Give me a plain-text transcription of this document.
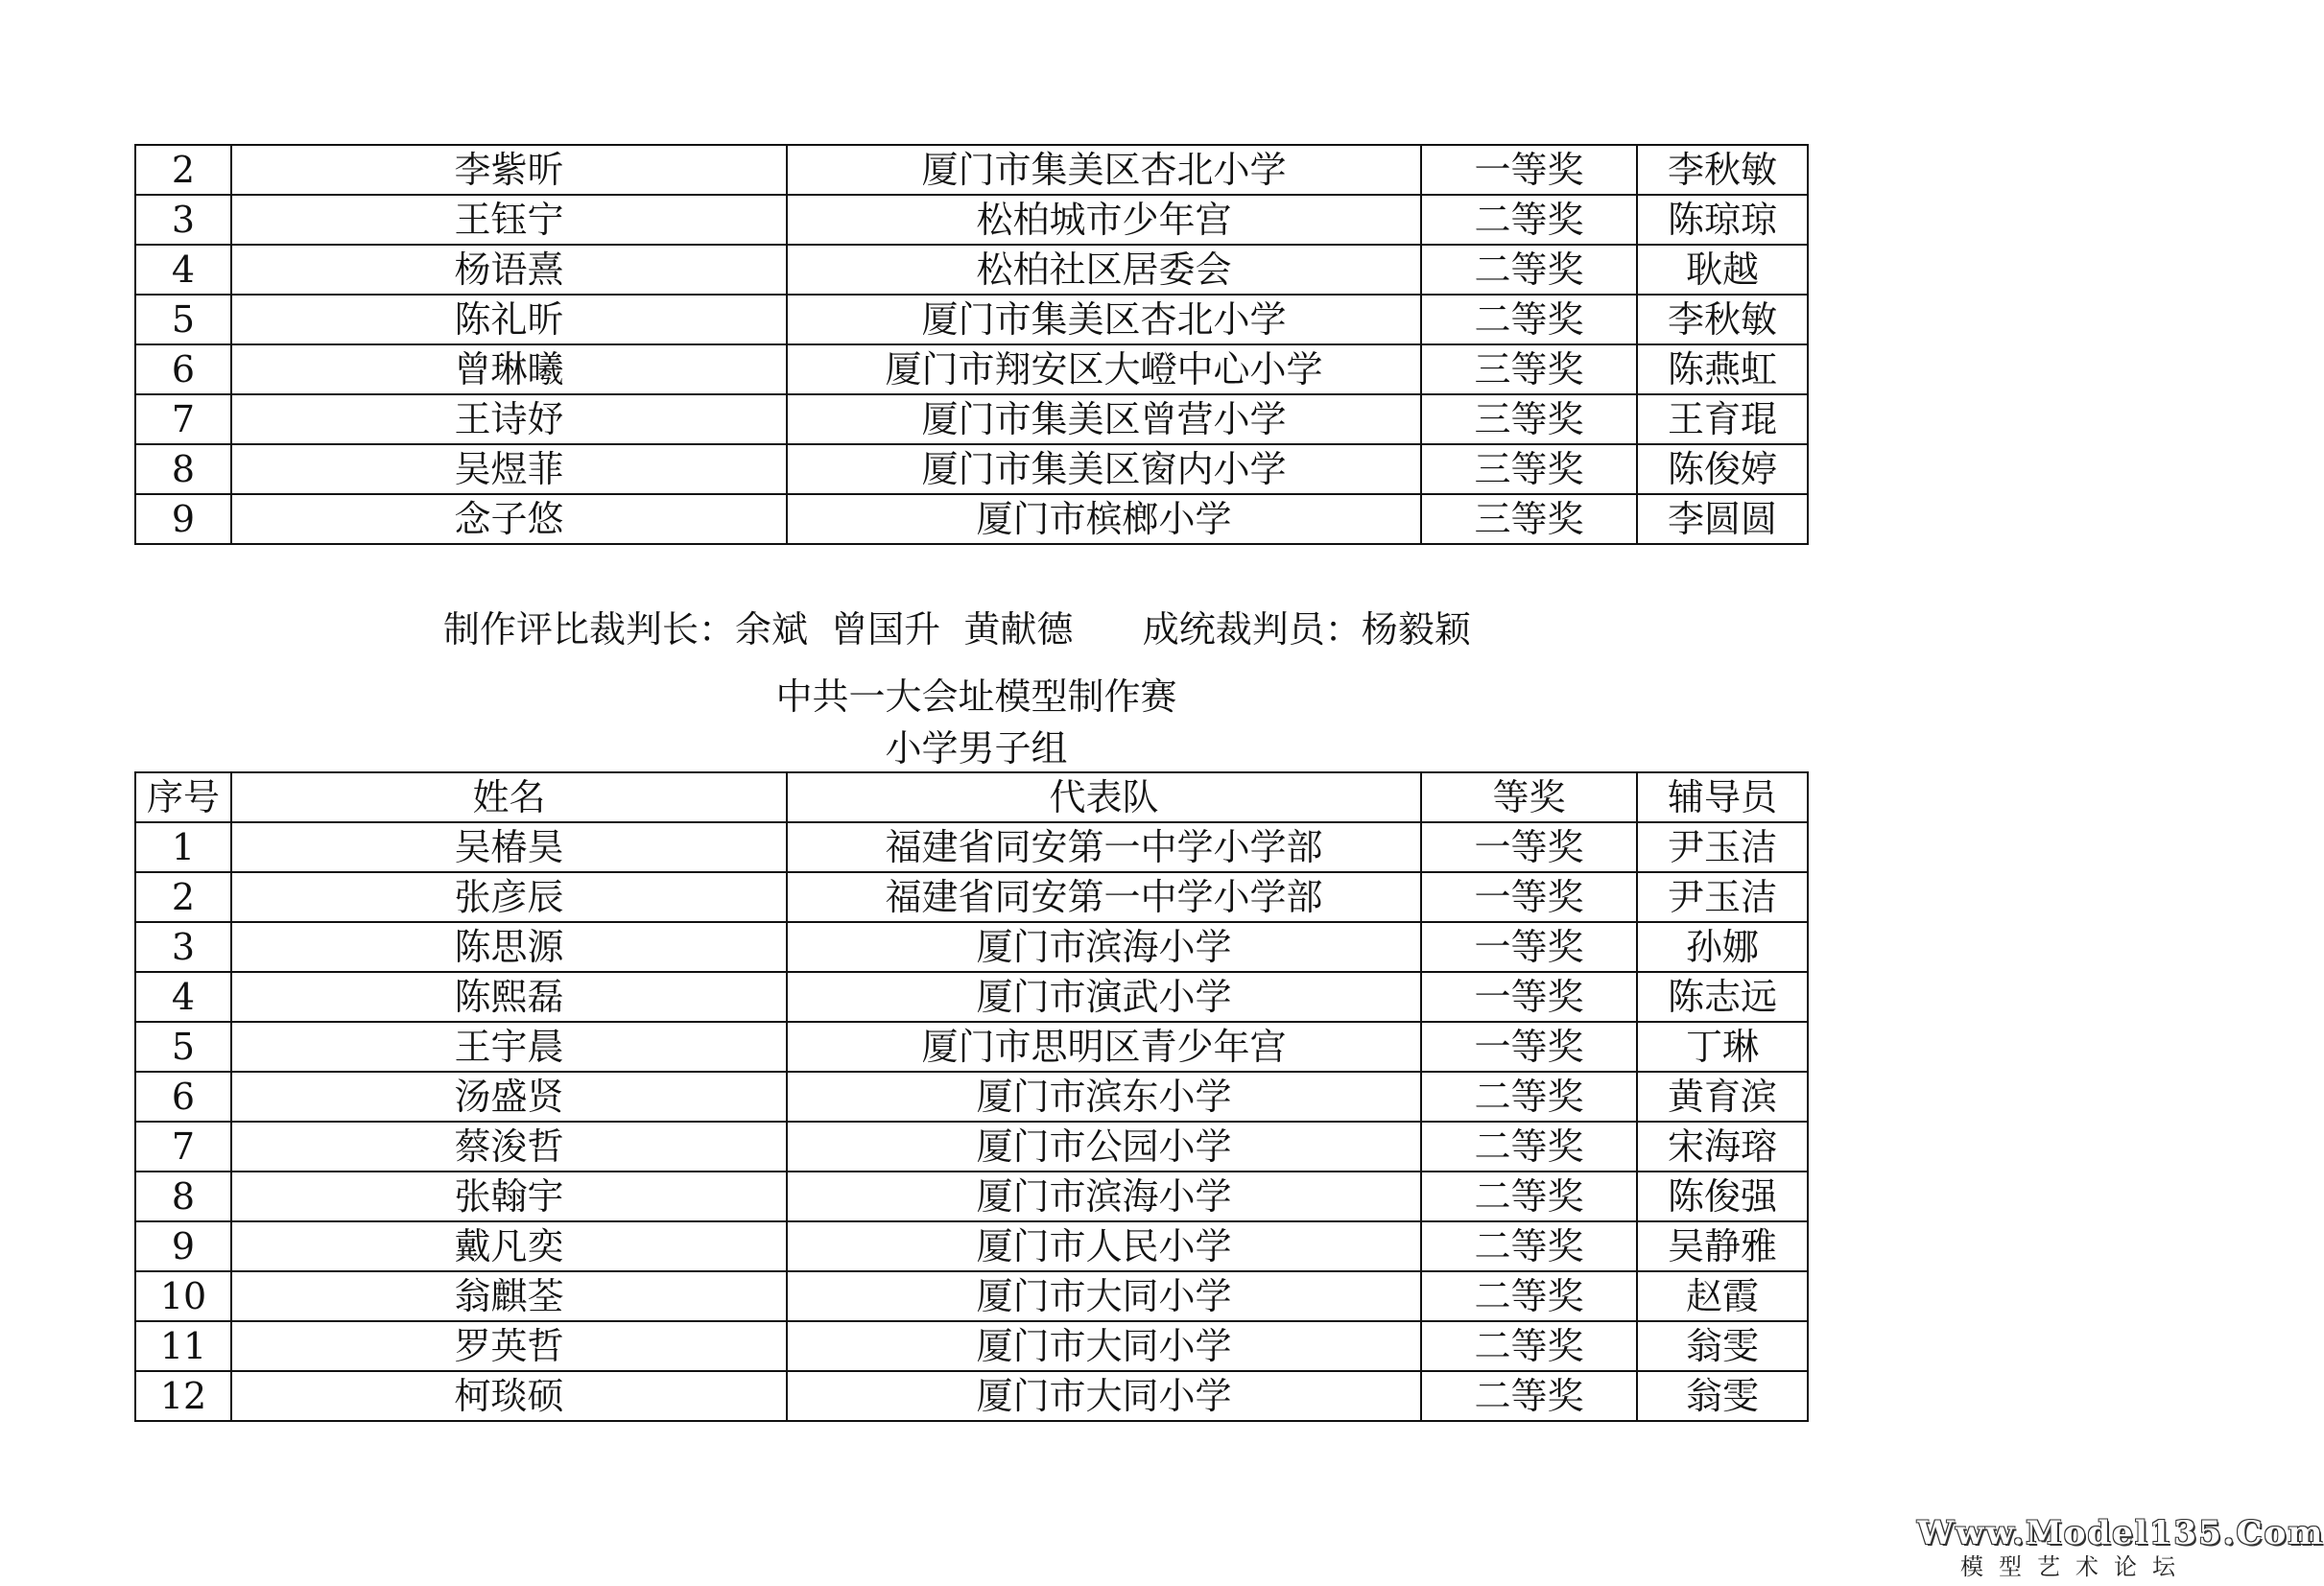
2	李紫昕	厦门市集美区杏北小学	一等奖	李秋敏
3	王钰宁	松柏城市少年宫	二等奖	陈琼琼
4	杨语熹	松柏社区居委会	二等奖	耿越
5	陈礼昕	厦门市集美区杏北小学	二等奖	李秋敏
6	曾琳曦	厦门市翔安区大嶝中心小学	三等奖	陈燕虹
7	王诗妤	厦门市集美区曾营小学	三等奖	王育琨
8	吴煜菲	厦门市集美区窗内小学	三等奖	陈俊婷
9	念子悠	厦门市槟榔小学	三等奖	李圆圆

制作评比裁判长：余斌  曾国升  黄献德      成统裁判员：杨毅颖

中共一大会址模型制作赛
小学男子组
序号	姓名	代表队	等奖	辅导员
1	吴椿昊	福建省同安第一中学小学部	一等奖	尹玉洁
2	张彦辰	福建省同安第一中学小学部	一等奖	尹玉洁
3	陈思源	厦门市滨海小学	一等奖	孙娜
4	陈熙磊	厦门市演武小学	一等奖	陈志远
5	王宇晨	厦门市思明区青少年宫	一等奖	丁琳
6	汤盛贤	厦门市滨东小学	二等奖	黄育滨
7	蔡浚哲	厦门市公园小学	二等奖	宋海瑢
8	张翰宇	厦门市滨海小学	二等奖	陈俊强
9	戴凡奕	厦门市人民小学	二等奖	吴静雅
10	翁麒荃	厦门市大同小学	二等奖	赵霞
11	罗英哲	厦门市大同小学	二等奖	翁雯
12	柯琰硕	厦门市大同小学	二等奖	翁雯
Www.Model135.Com
模型艺术论坛
